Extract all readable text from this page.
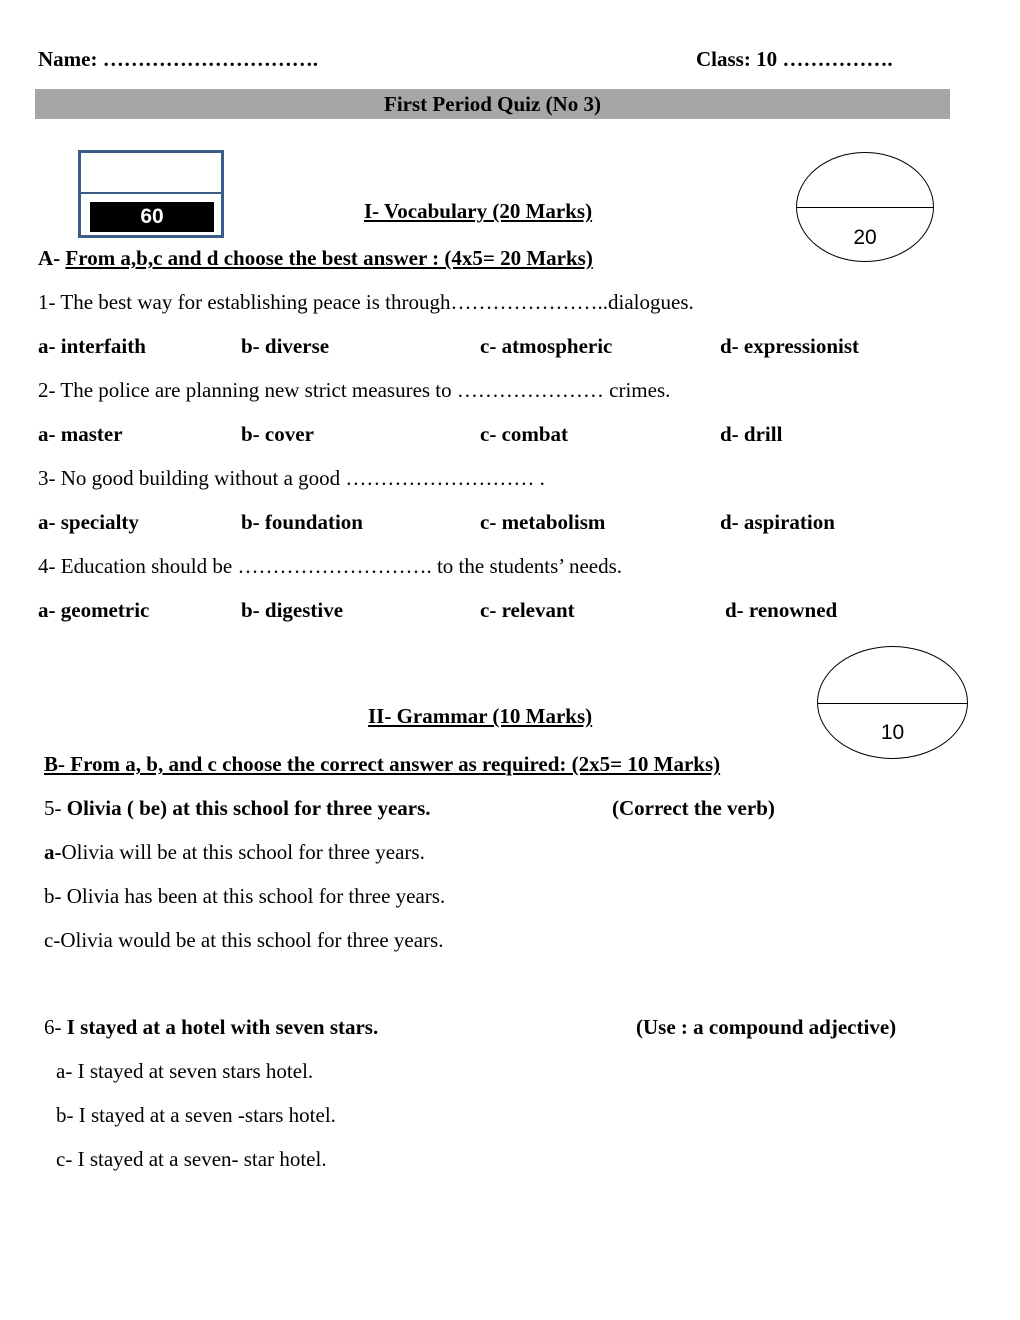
Name: ………………………….	Class: 10 …………….
First Period Quiz (No 3)
60
20
I- Vocabulary (20 Marks)
A- From a,b,c and d choose the best answer : (4x5= 20 Marks)
1- The best way for establishing peace is through…………………..dialogues.
a- interfaith	b- diverse	c- atmospheric	d- expressionist
2- The police are planning new strict measures to ………………… crimes.
a- master	b- cover	c- combat	d- drill
3- No good building without a good ……………………… .
a- specialty	b- foundation	c- metabolism	d- aspiration
4- Education should be ………………………. to the students’ needs.
a- geometric	b- digestive	c- relevant	d- renowned
10
II- Grammar (10 Marks)
B- From a, b, and c choose the correct answer as required: (2x5= 10 Marks)
5- Olivia ( be) at this school for three years.	(Correct the verb)
a-Olivia will be at this school for three years.
b- Olivia has been at this school for three years.
c-Olivia would be at this school for three years.
6- I stayed at a hotel with seven stars.	(Use : a compound adjective)
a- I stayed at seven stars hotel.
b- I stayed at a seven -stars hotel.
c- I stayed at a seven- star hotel.
